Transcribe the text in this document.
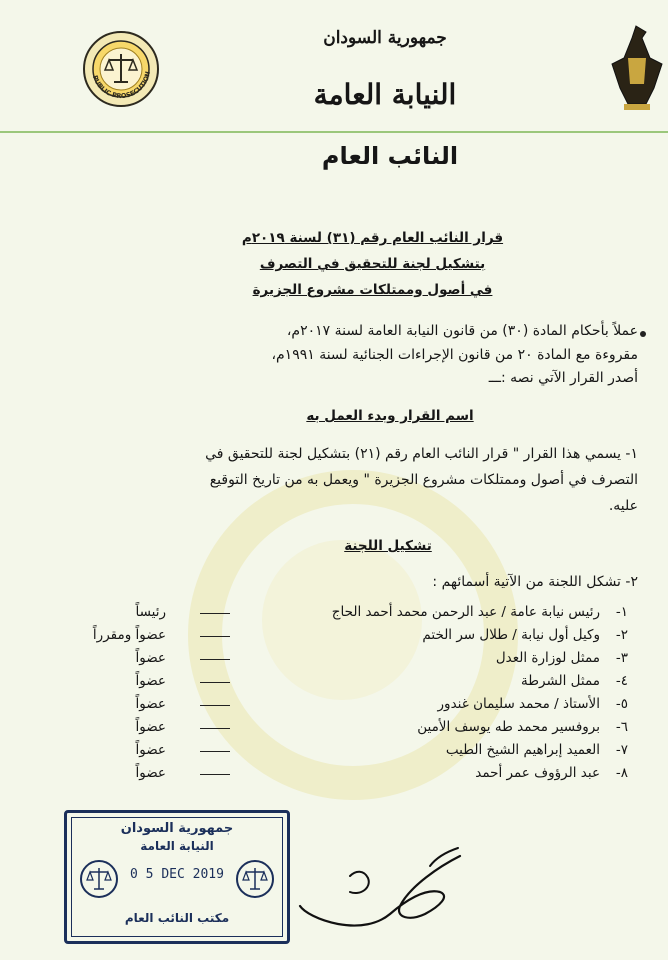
PUBLIC PROSECUTION
جمهورية السودان
النيابة العامة
النائب العام
قرار النائب العام رقم (٣١) لسنة ٢٠١٩م
بتشكيل لجنة للتحقيق في التصرف
في أصول وممتلكات مشروع الجزيرة
عملاً بأحكام المادة (٣٠) من قانون النيابة العامة لسنة ٢٠١٧م،
مقروءة مع المادة ٢٠ من قانون الإجراءات الجنائية لسنة ١٩٩١م،
أصدر القرار الآتي نصه :ـــ
اسم القرار وبدء العمل به
١- يسمي هذا القرار " قرار النائب العام رقم (٢١) بتشكيل لجنة للتحقيق في
التصرف في أصول وممتلكات مشروع الجزيرة " ويعمل به من تاريخ التوقيع
عليه.
تشكيل اللجنة
٢- تشكل اللجنة من الآتية أسمائهم :
١-
رئيس نيابة عامة / عبد الرحمن محمد أحمد الحاج
رئيساً
٢-
وكيل أول نيابة / طلال سر الختم
عضواً ومقرراً
٣-
ممثل لوزارة العدل
عضواً
٤-
ممثل الشرطة
عضواً
٥-
الأستاذ / محمد سليمان غندور
عضواً
٦-
بروفسير محمد طه يوسف الأمين
عضواً
٧-
العميد إبراهيم الشيخ الطيب
عضواً
٨-
عبد الرؤوف عمر أحمد
عضواً
جمهورية السودان
النيابة العامة
0 5 DEC 2019
مكتب النائب العام
